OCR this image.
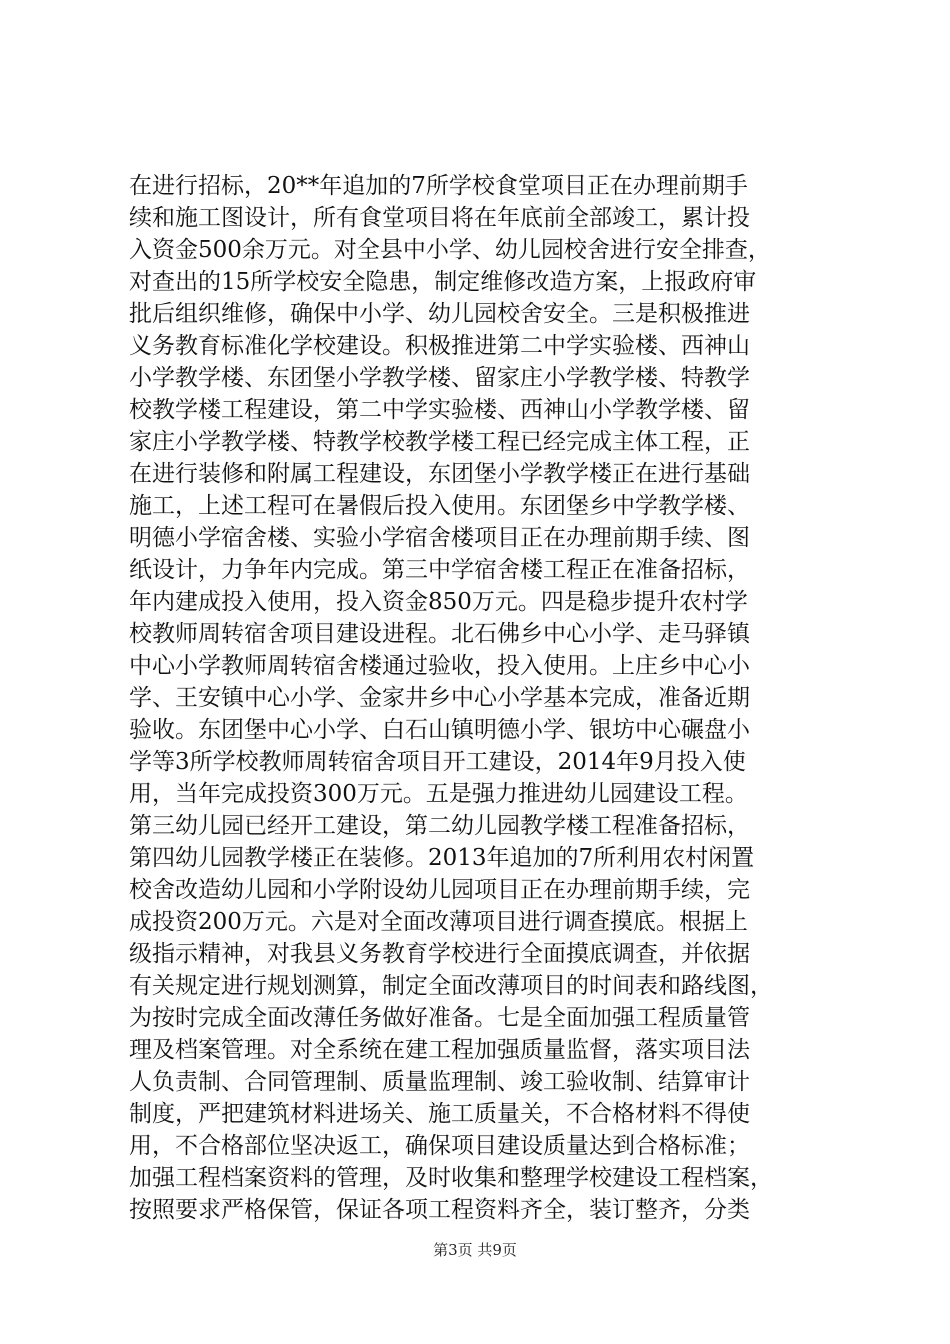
在进行招标，20**年追加的7所学校食堂项目正在办理前期手
续和施工图设计，所有食堂项目将在年底前全部竣工，累计投
入资金500余万元。对全县中小学、幼儿园校舍进行安全排查，
对查出的15所学校安全隐患，制定维修改造方案，上报政府审
批后组织维修，确保中小学、幼儿园校舍安全。三是积极推进
义务教育标准化学校建设。积极推进第二中学实验楼、西神山
小学教学楼、东团堡小学教学楼、留家庄小学教学楼、特教学
校教学楼工程建设，第二中学实验楼、西神山小学教学楼、留
家庄小学教学楼、特教学校教学楼工程已经完成主体工程，正
在进行装修和附属工程建设，东团堡小学教学楼正在进行基础
施工，上述工程可在暑假后投入使用。东团堡乡中学教学楼、
明德小学宿舍楼、实验小学宿舍楼项目正在办理前期手续、图
纸设计，力争年内完成。第三中学宿舍楼工程正在准备招标，
年内建成投入使用，投入资金850万元。四是稳步提升农村学
校教师周转宿舍项目建设进程。北石佛乡中心小学、走马驿镇
中心小学教师周转宿舍楼通过验收，投入使用。上庄乡中心小
学、王安镇中心小学、金家井乡中心小学基本完成，准备近期
验收。东团堡中心小学、白石山镇明德小学、银坊中心碾盘小
学等3所学校教师周转宿舍项目开工建设，2014年9月投入使
用，当年完成投资300万元。五是强力推进幼儿园建设工程。
第三幼儿园已经开工建设，第二幼儿园教学楼工程准备招标，
第四幼儿园教学楼正在装修。2013年追加的7所利用农村闲置
校舍改造幼儿园和小学附设幼儿园项目正在办理前期手续，完
成投资200万元。六是对全面改薄项目进行调查摸底。根据上
级指示精神，对我县义务教育学校进行全面摸底调查，并依据
有关规定进行规划测算，制定全面改薄项目的时间表和路线图，
为按时完成全面改薄任务做好准备。七是全面加强工程质量管
理及档案管理。对全系统在建工程加强质量监督，落实项目法
人负责制、合同管理制、质量监理制、竣工验收制、结算审计
制度，严把建筑材料进场关、施工质量关，不合格材料不得使
用，不合格部位坚决返工，确保项目建设质量达到合格标准；
加强工程档案资料的管理，及时收集和整理学校建设工程档案，
按照要求严格保管，保证各项工程资料齐全，装订整齐，分类
第3页 共9页
